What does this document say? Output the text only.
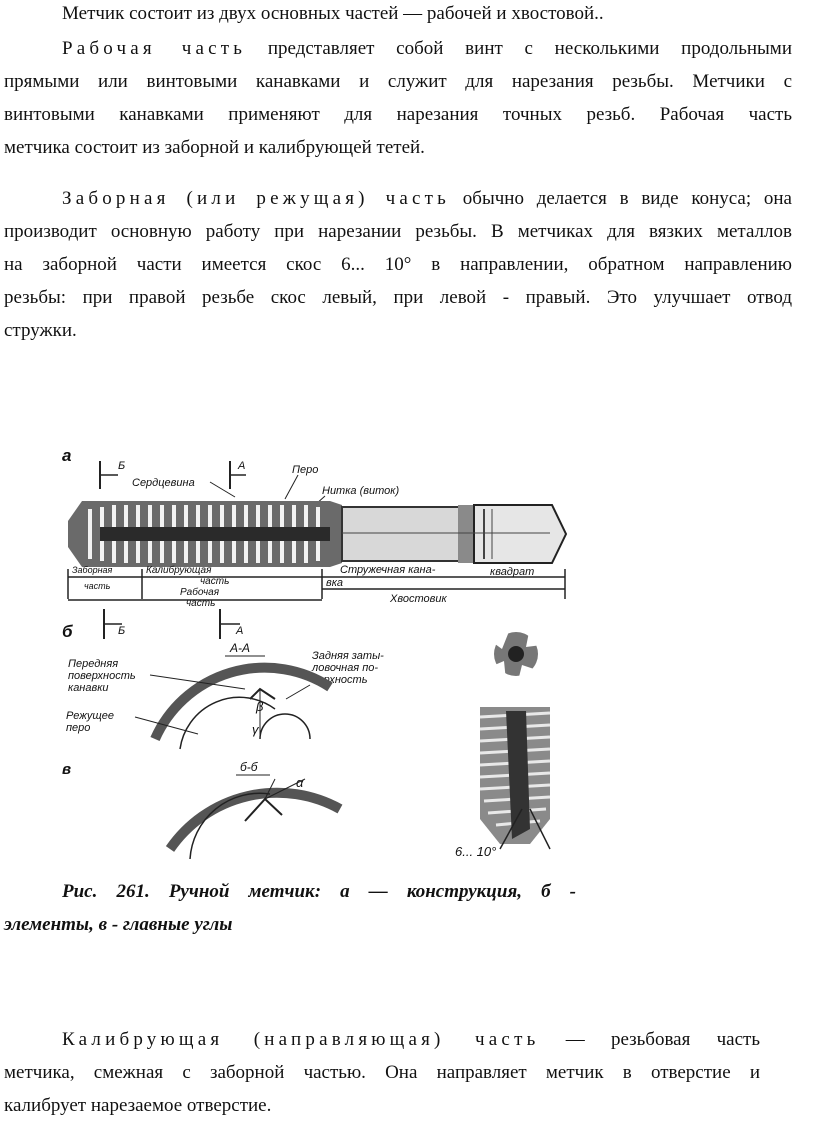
Метчик состоит из двух основных частей — рабочей и хвостовой..

Рабочая часть представляет собой винт с несколькими продольными
прямыми или винтовыми канавками и служит для нарезания резьбы. Метчики с
винтовыми канавками применяют для нарезания точных резьб. Рабочая часть
метчика состоит из заборной и калибрующей тетей.
Заборная (или режущая) часть обычно делается в виде конуса; она
производит основную работу при нарезании резьбы. В метчиках для вязких металлов
на заборной части имеется скос 6... 10° в направлении, обратном направлению
резьбы: при правой резьбе скос левый, при левой - правый. Это улучшает отвод
стружки.
а
Б	А
Сердцевина
Перо
Нитка (виток)
Заборная
часть
Калибрующая
часть
Рабочая
часть
Стружечная кана-
вка
квадрат
Хвостовик
б	Б	А
А-А
Передняя
поверхность
канавки
Задняя заты-
ловочная по-
верхность
Режущее
перо
β
γ
в	б-б
α
6... 10°
Рис. 261. Ручной метчик: а — конструкция, б -
элементы, в - главные углы
Калибрующая (направляющая) часть — резьбовая часть
метчика, смежная с заборной частью. Она направляет метчик в отверстие и
калибрует нарезаемое отверстие.
